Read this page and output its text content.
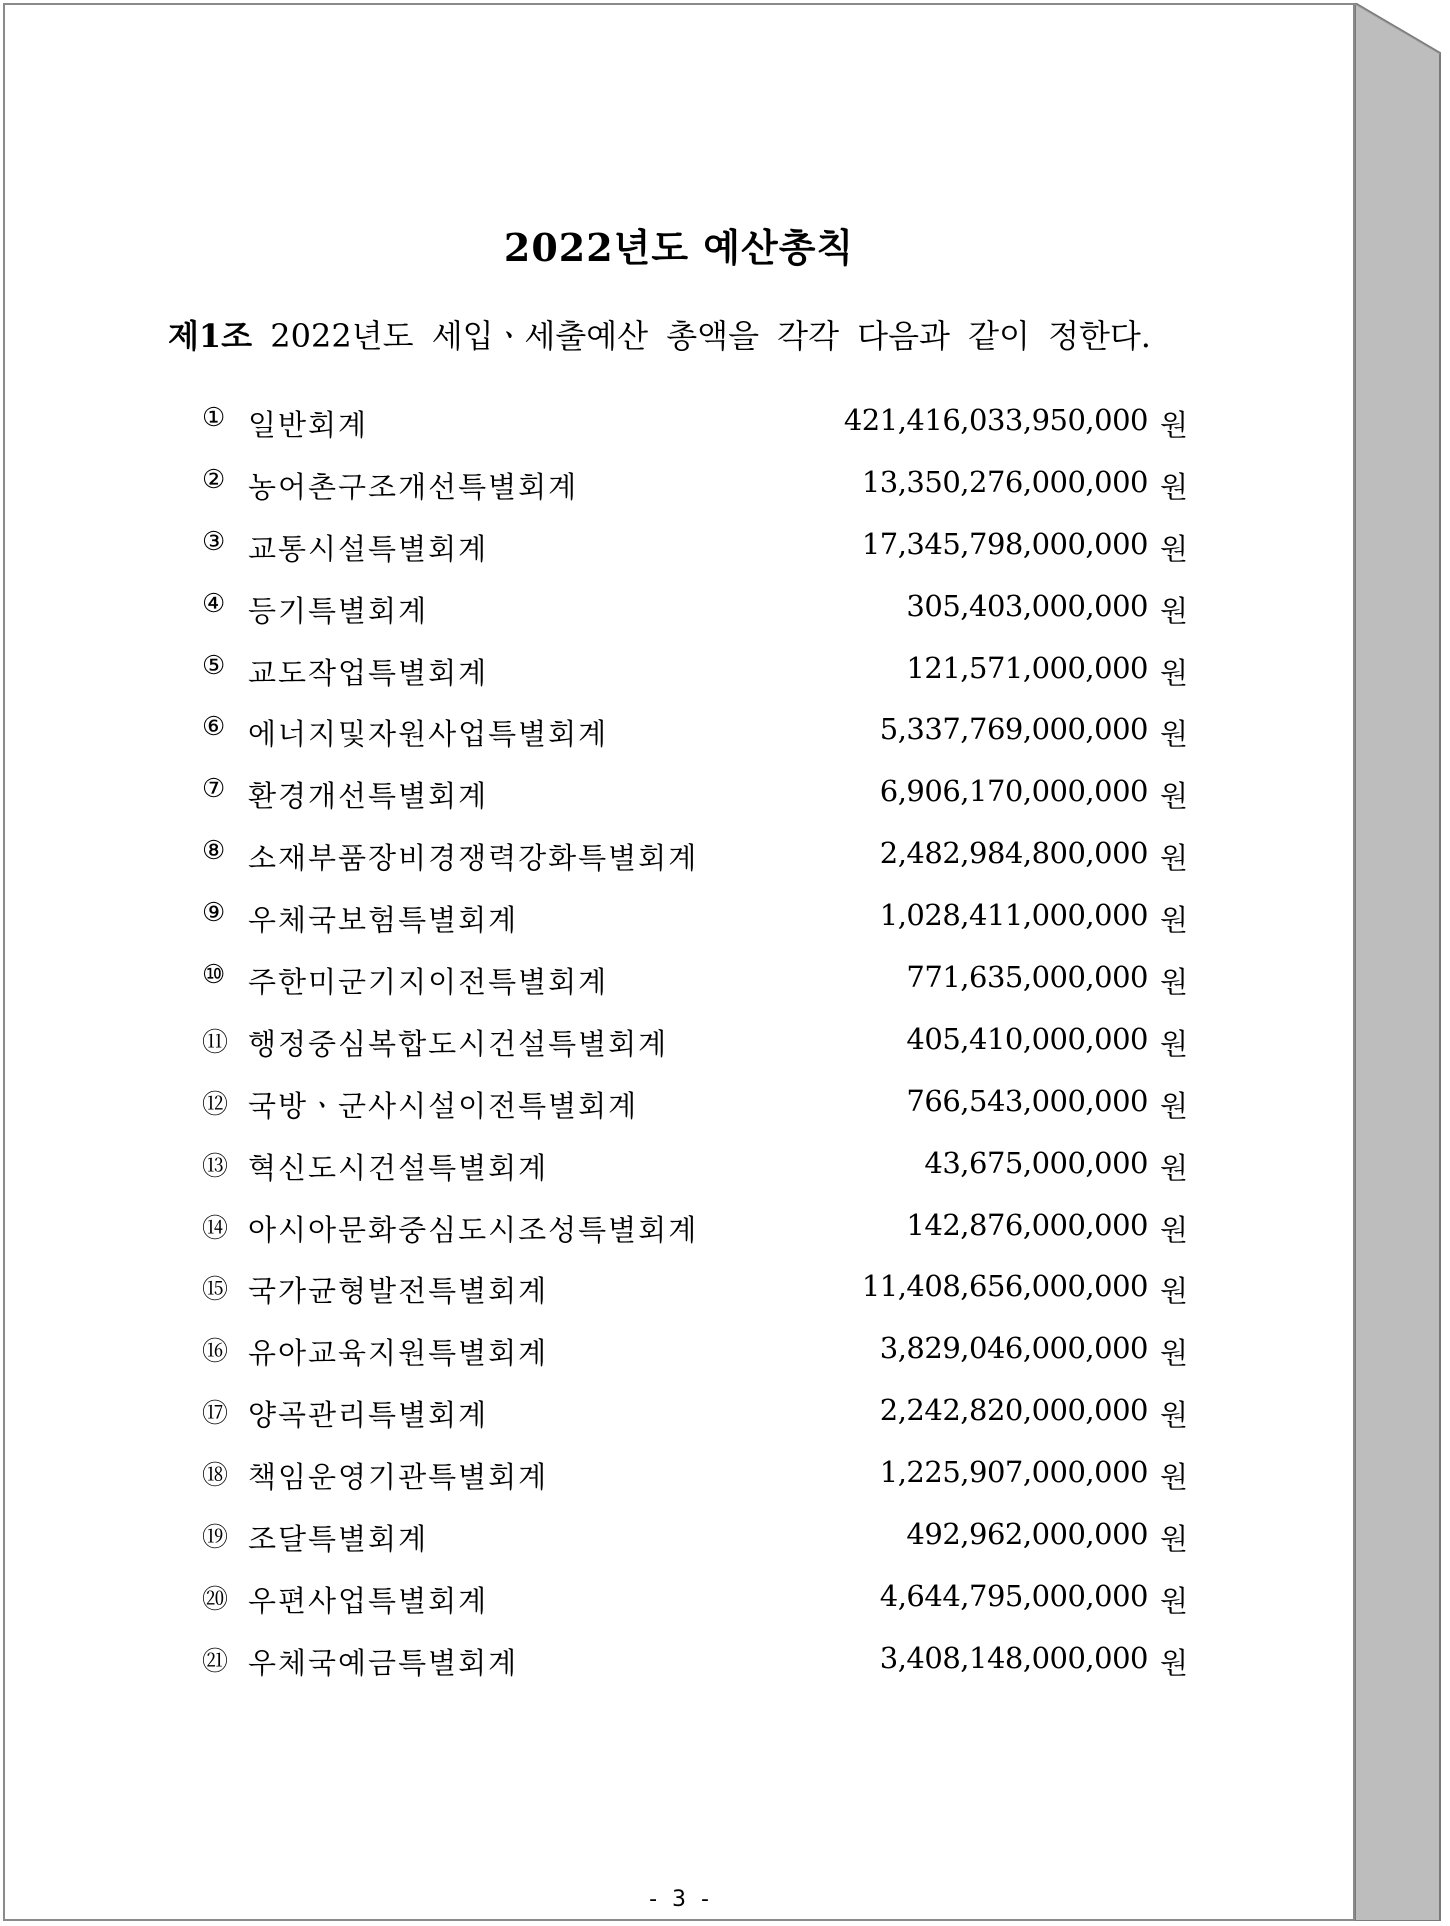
2022년도 예산총칙
제1조 2022년도 세입ㆍ세출예산 총액을 각각 다음과 같이 정한다.
① 일반회계	421,416,033,950,000 원
② 농어촌구조개선특별회계	13,350,276,000,000 원
③ 교통시설특별회계	17,345,798,000,000 원
④ 등기특별회계	305,403,000,000 원
⑤ 교도작업특별회계	121,571,000,000 원
⑥ 에너지및자원사업특별회계	5,337,769,000,000 원
⑦ 환경개선특별회계	6,906,170,000,000 원
⑧ 소재부품장비경쟁력강화특별회계	2,482,984,800,000 원
⑨ 우체국보험특별회계	1,028,411,000,000 원
⑩ 주한미군기지이전특별회계	771,635,000,000 원
⑪ 행정중심복합도시건설특별회계	405,410,000,000 원
⑫ 국방ㆍ군사시설이전특별회계	766,543,000,000 원
⑬ 혁신도시건설특별회계	43,675,000,000 원
⑭ 아시아문화중심도시조성특별회계	142,876,000,000 원
⑮ 국가균형발전특별회계	11,408,656,000,000 원
⑯ 유아교육지원특별회계	3,829,046,000,000 원
⑰ 양곡관리특별회계	2,242,820,000,000 원
⑱ 책임운영기관특별회계	1,225,907,000,000 원
⑲ 조달특별회계	492,962,000,000 원
⑳ 우편사업특별회계	4,644,795,000,000 원
㉑ 우체국예금특별회계	3,408,148,000,000 원
- 3 -
